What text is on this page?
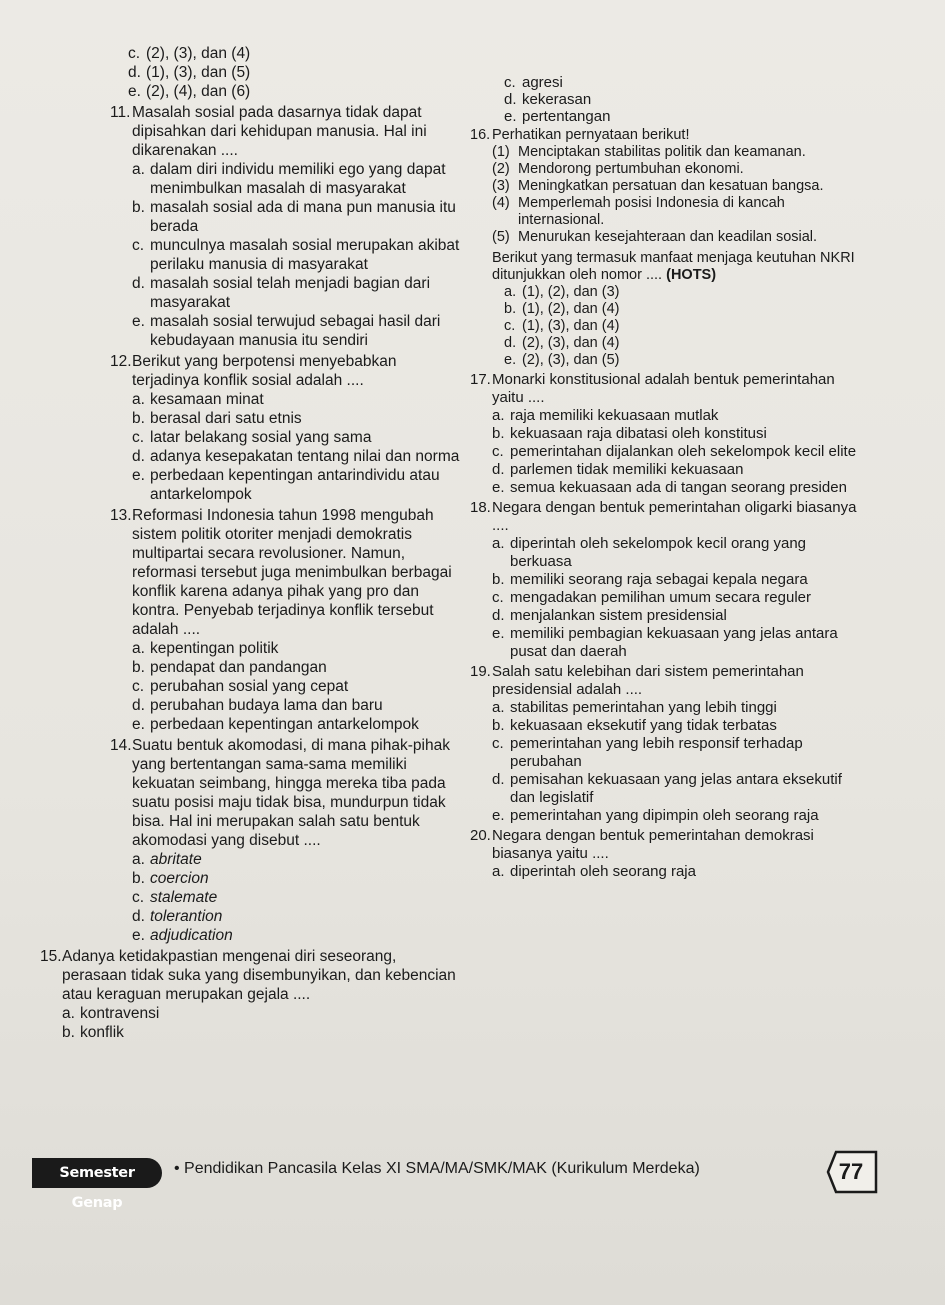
c. (2), (3), dan (4)

d. (1), (3), dan (5)

e. (2), (4), dan (6)

11. Masalah sosial pada dasarnya tidak dapat dipisahkan dari kehidupan manusia. Hal ini dikarenakan ....

a. dalam diri individu memiliki ego yang dapat menimbulkan masalah di masyarakat

b. masalah sosial ada di mana pun manusia itu berada

c. munculnya masalah sosial merupakan akibat perilaku manusia di masyarakat

d. masalah sosial telah menjadi bagian dari masyarakat

e. masalah sosial terwujud sebagai hasil dari kebudayaan manusia itu sendiri

12.Berikut yang berpotensi menyebabkan terjadinya konflik sosial adalah ....

a. kesamaan minat

b. berasal dari satu etnis

c. latar belakang sosial yang sama

d. adanya kesepakatan tentang nilai dan norma

e. perbedaan kepentingan antarindividu atau antarkelompok

13.Reformasi Indonesia tahun 1998 mengubah sistem politik otoriter menjadi demokratis multipartai secara revolusioner. Namun, reformasi tersebut juga menimbulkan berbagai konflik karena adanya pihak yang pro dan kontra. Penyebab terjadinya konflik tersebut adalah ....

a. kepentingan politik

b. pendapat dan pandangan

c. perubahan sosial yang cepat

d. perubahan budaya lama dan baru

e. perbedaan kepentingan antarkelompok

14.Suatu bentuk akomodasi, di mana pihak-pihak yang bertentangan sama-sama memiliki kekuatan seimbang, hingga mereka tiba pada suatu posisi maju tidak bisa, mundurpun tidak bisa. Hal ini merupakan salah satu bentuk akomodasi yang disebut ....

a. abritate

b. coercion

c. stalemate

d. tolerantion

e. adjudication

15.Adanya ketidakpastian mengenai diri seseorang, perasaan tidak suka yang disembunyikan, dan kebencian atau keraguan merupakan gejala ....

a. kontravensi

b. konflik

c. agresi

d. kekerasan

e. pertentangan

16. Perhatikan pernyataan berikut!

(1) Menciptakan stabilitas politik dan keamanan.

(2) Mendorong pertumbuhan ekonomi.

(3) Meningkatkan persatuan dan kesatuan bangsa.

(4) Memperlemah posisi Indonesia di kancah internasional.

(5) Menurukan kesejahteraan dan keadilan sosial.

Berikut yang termasuk manfaat menjaga keutuhan NKRI ditunjukkan oleh nomor .... (HOTS)

a. (1), (2), dan (3)

b. (1), (2), dan (4)

c. (1), (3), dan (4)

d. (2), (3), dan (4)

e. (2), (3), dan (5)

17.Monarki konstitusional adalah bentuk pemerintahan yaitu ....

a. raja memiliki kekuasaan mutlak

b. kekuasaan raja dibatasi oleh konstitusi

c. pemerintahan dijalankan oleh sekelompok kecil elite

d. parlemen tidak memiliki kekuasaan

e. semua kekuasaan ada di tangan seorang presiden

18.Negara dengan bentuk pemerintahan oligarki biasanya ....

a. diperintah oleh sekelompok kecil orang yang berkuasa

b. memiliki seorang raja sebagai kepala negara

c. mengadakan pemilihan umum secara reguler

d. menjalankan sistem presidensial

e. memiliki pembagian kekuasaan yang jelas antara pusat dan daerah

19.Salah satu kelebihan dari sistem pemerintahan presidensial adalah ....

a. stabilitas pemerintahan yang lebih tinggi

b. kekuasaan eksekutif yang tidak terbatas

c. pemerintahan yang lebih responsif terhadap perubahan

d. pemisahan kekuasaan yang jelas antara eksekutif dan legislatif

e. pemerintahan yang dipimpin oleh seorang raja

20.Negara dengan bentuk pemerintahan demokrasi biasanya yaitu ....

a. diperintah oleh seorang raja

Semester Genap
• Pendidikan Pancasila Kelas XI SMA/MA/SMK/MAK (Kurikulum Merdeka)	77
